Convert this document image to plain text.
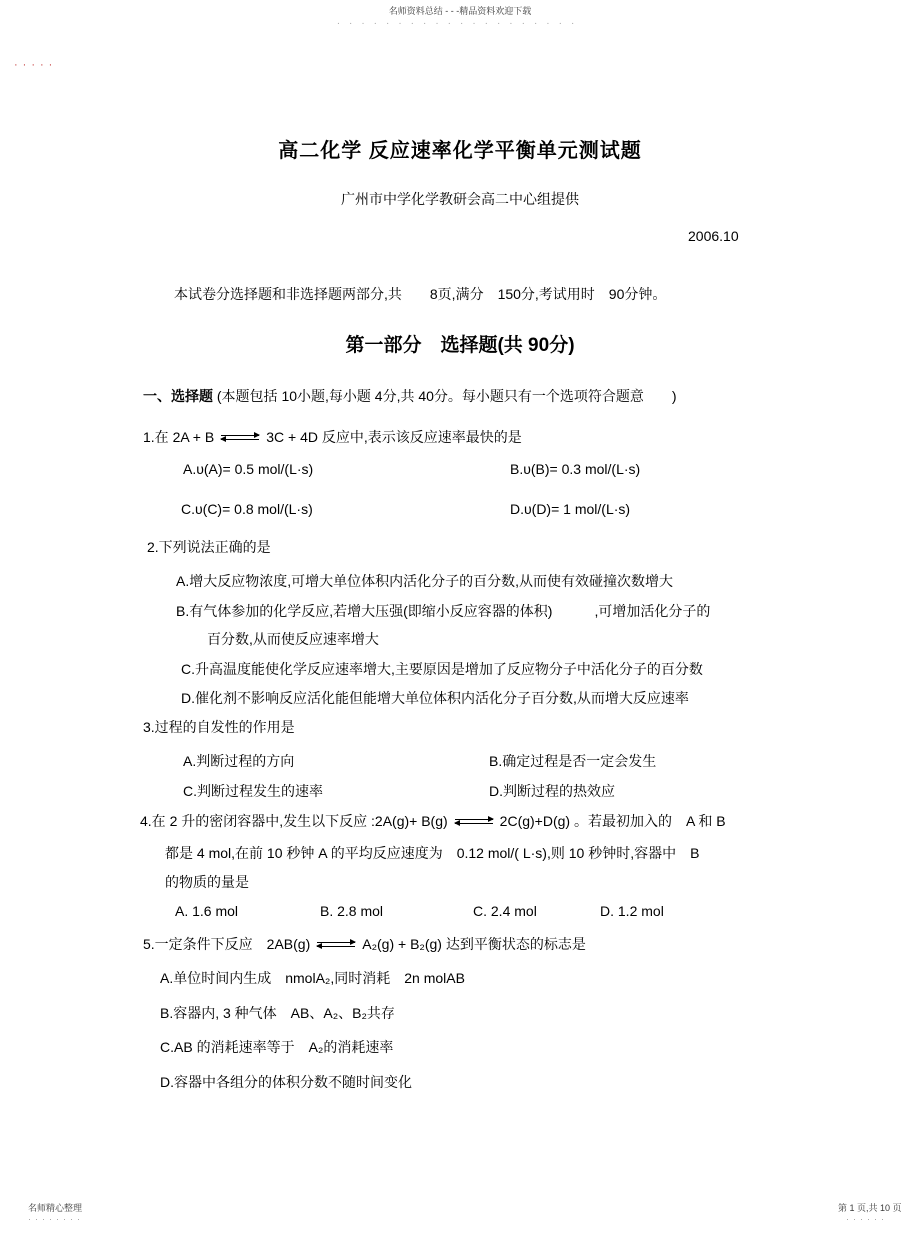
名师资料总结 - - -精品资料欢迎下载
····················
·····
高二化学 反应速率化学平衡单元测试题
广州市中学化学教研会高二中心组提供
2006.10
本试卷分选择题和非选择题两部分,共　　8页,满分　150分,考试用时　90分钟。
第一部分　选择题(共 90分)
一、选择题 (本题包括 10小题,每小题 4分,共 40分。每小题只有一个选项符合题意　　)
1.在 2A + B ⇌ 3C + 4D 反应中,表示该反应速率最快的是
A.υ(A)= 0.5 mol/(L·s)	B.υ(B)= 0.3 mol/(L·s)
C.υ(C)= 0.8 mol/(L·s)	D.υ(D)= 1 mol/(L·s)
2.下列说法正确的是
A.增大反应物浓度,可增大单位体积内活化分子的百分数,从而使有效碰撞次数增大
B.有气体参加的化学反应,若增大压强(即缩小反应容器的体积)　　　,可增加活化分子的
百分数,从而使反应速率增大
C.升高温度能使化学反应速率增大,主要原因是增加了反应物分子中活化分子的百分数
D.催化剂不影响反应活化能但能增大单位体积内活化分子百分数,从而增大反应速率
3.过程的自发性的作用是
A.判断过程的方向	B.确定过程是否一定会发生
C.判断过程发生的速率	D.判断过程的热效应
4.在 2 升的密闭容器中,发生以下反应 :2A(g)+ B(g) ⇌ 2C(g)+D(g) 。若最初加入的　A 和 B
都是 4 mol,在前 10 秒钟 A 的平均反应速度为　0.12 mol/( L·s),则 10 秒钟时,容器中　B
的物质的量是
A. 1.6 mol	B. 2.8 mol	C. 2.4 mol	D. 1.2 mol
5.一定条件下反应　2AB(g) ⇌ A₂(g) + B₂(g) 达到平衡状态的标志是
A.单位时间内生成　nmolA₂,同时消耗　2n molAB
B.容器内, 3 种气体　AB、A₂、B₂共存
C.AB 的消耗速率等于　A₂的消耗速率
D.容器中各组分的体积分数不随时间变化
名师精心整理
········
第 1 页,共 10 页
······
